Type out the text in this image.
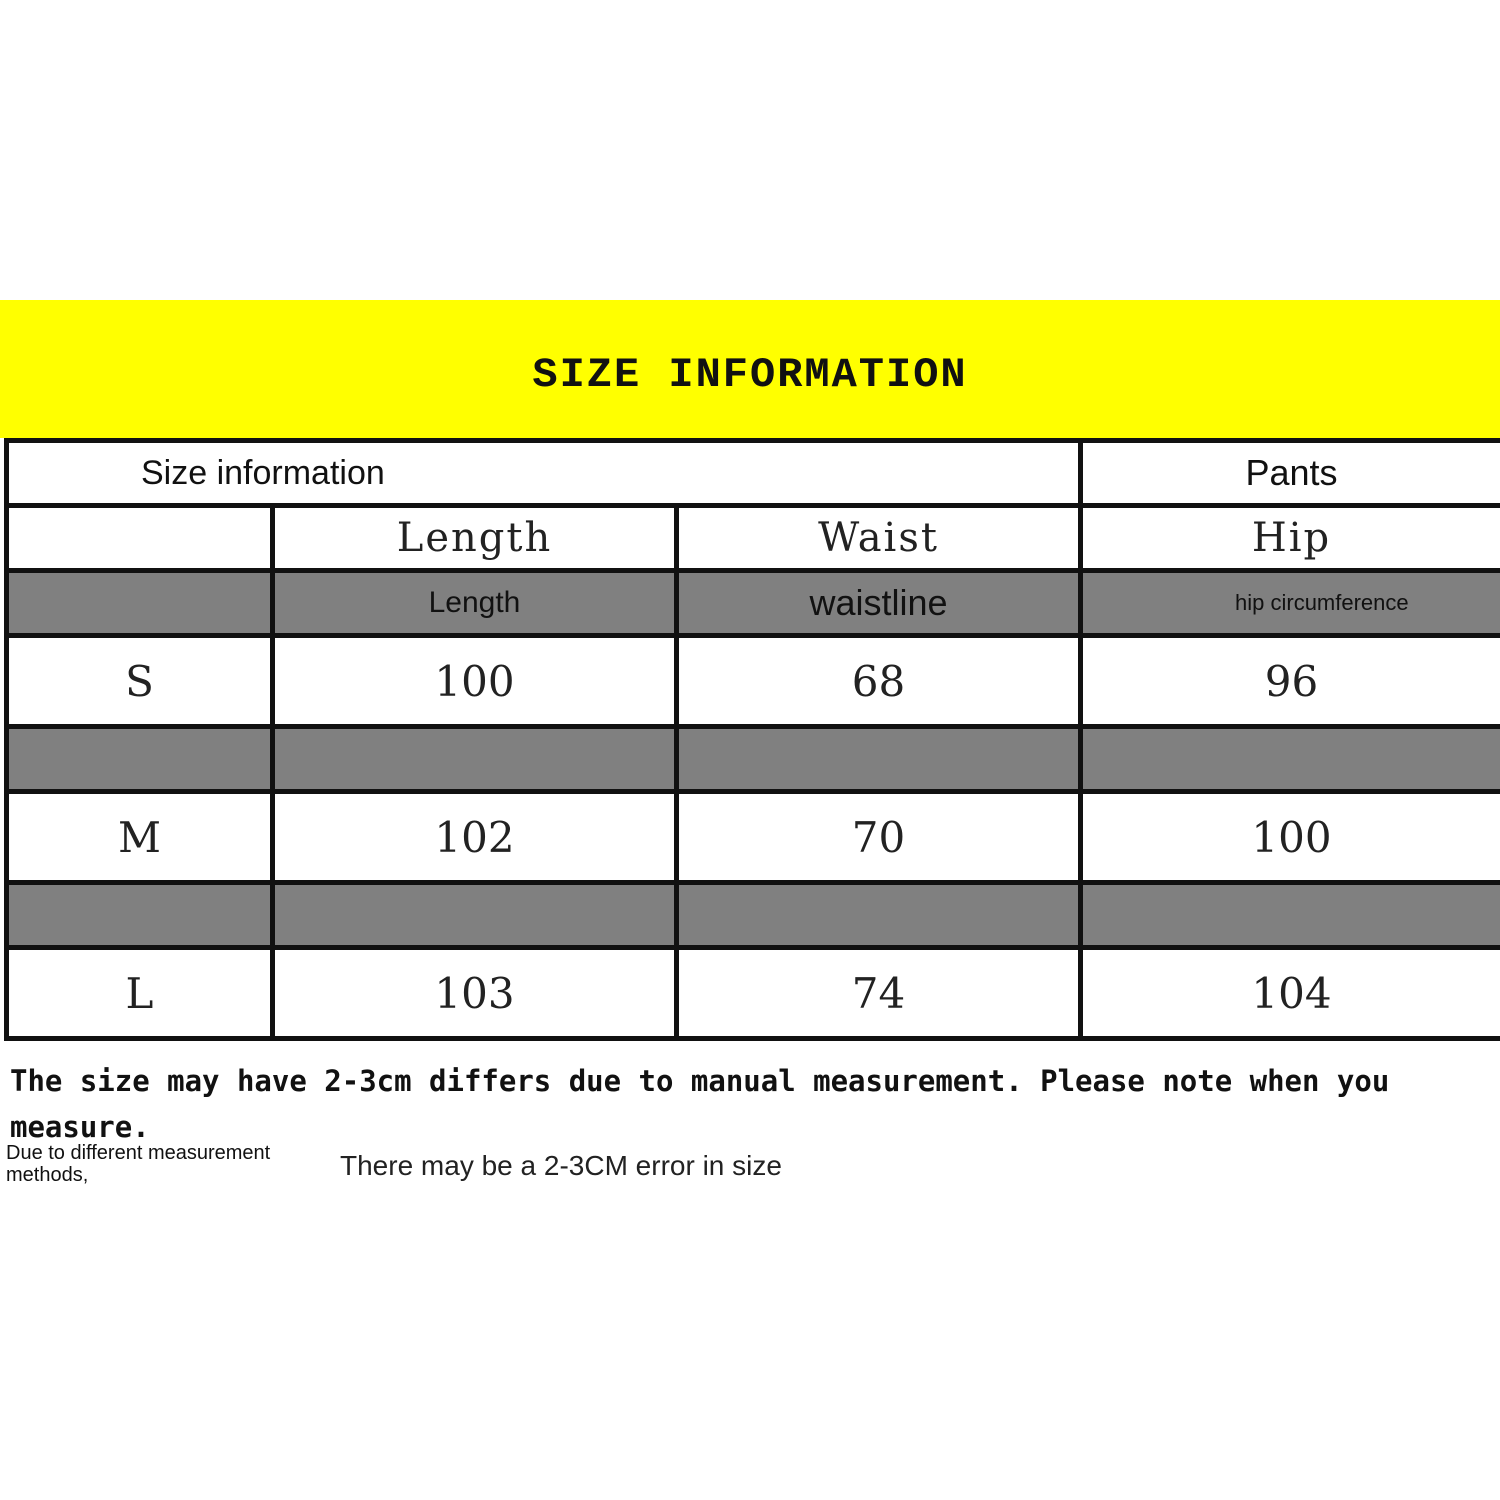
SIZE INFORMATION
Size information			Pants
	Length	Waist	Hip
	Length	waistline	hip circumference
S	100	68	96

M	102	70	100

L	103	74	104

The size may have 2-3cm differs due to manual measurement. Please note when you measure.

Due to different measurement methods,	There may be a 2-3CM error in size
